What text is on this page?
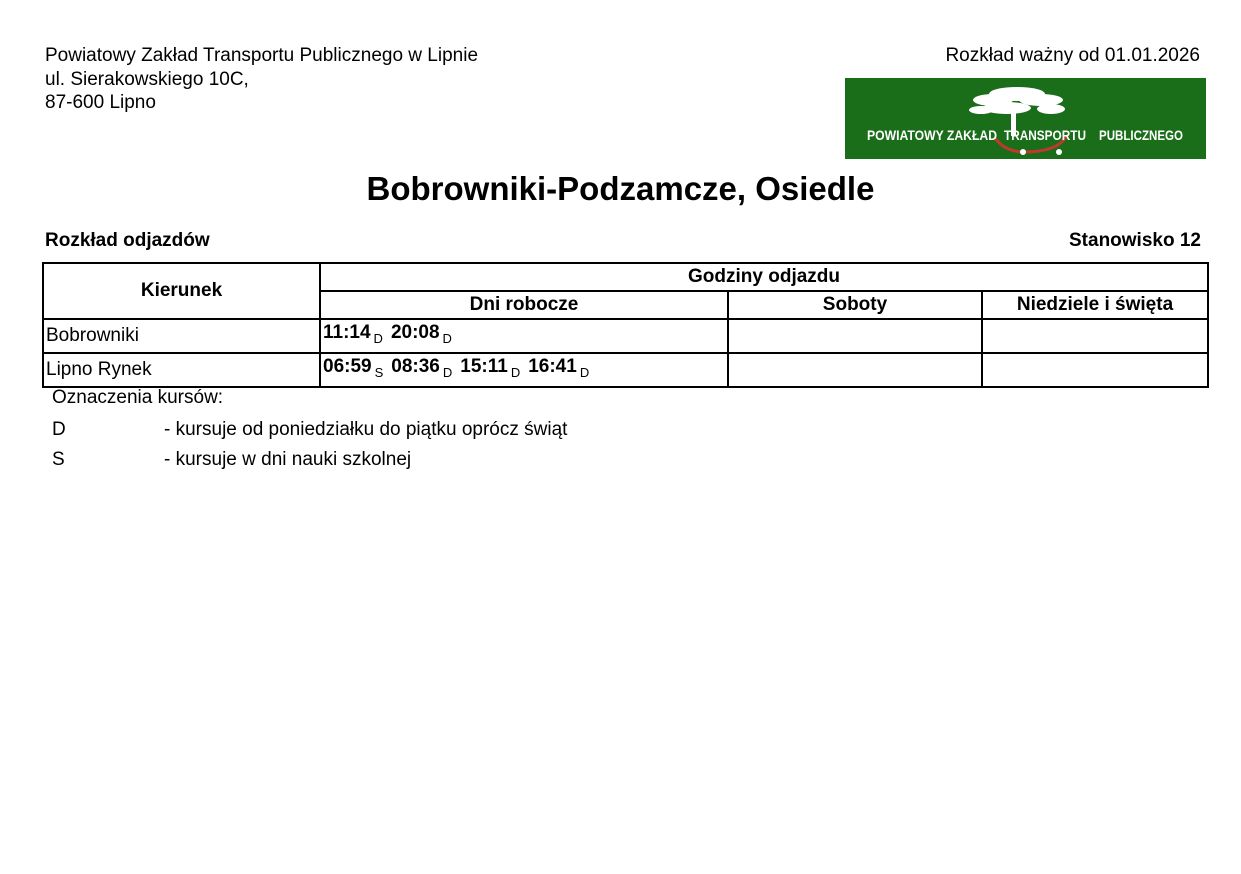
Powiatowy Zakład Transportu Publicznego w Lipnie
ul. Sierakowskiego 10C,
87-600 Lipno
Rozkład ważny od 01.01.2026
POWIATOWY ZAKŁAD TRANSPORTU PUBLICZNEGO
Bobrowniki-Podzamcze, Osiedle
Rozkład odjazdów	Stanowisko 12
Kierunek	Godziny odjazdu		
	Dni robocze	Soboty	Niedziele i święta
Bobrowniki	11:14 $_D$ 20:08 $_D$		
Lipno Rynek	06:59 $_S$ 08:36 $_D$ 15:11 $_D$ 16:41 $_D$		
Oznaczenia kursów:
D	- kursuje od poniedziałku do piątku oprócz świąt
S	- kursuje w dni nauki szkolnej
